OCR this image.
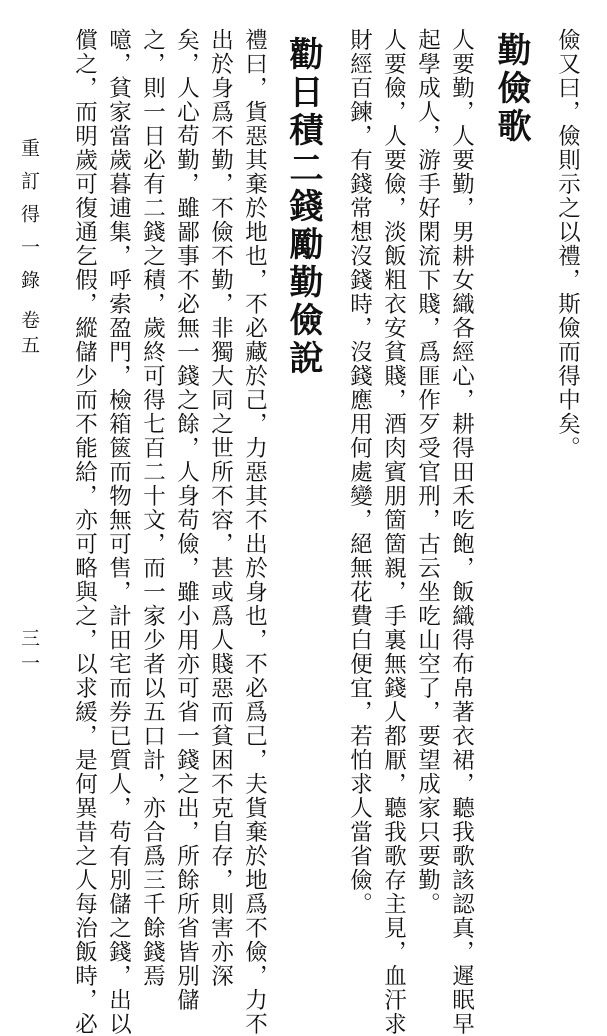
儉又曰，儉則示之以禮，斯儉而得中矣。
勤儉歌
人要勤，人要勤，男耕女織各經心，耕得田禾吃飽，飯織得布帛著衣裙，聽我歌該認真，遲眠早
起學成人，游手好閑流下賤，爲匪作歹受官刑，古云坐吃山空了，要望成家只要勤。
人要儉，人要儉，淡飯粗衣安貧賤，酒肉賓朋箇箇親，手裏無錢人都厭，聽我歌存主見，血汗求
財經百鍊，有錢常想沒錢時，沒錢應用何處變，絕無花費白便宜，若怕求人當省儉。
勸日積二錢勵勤儉說
禮曰，貨惡其棄於地也，不必藏於己，力惡其不出於身也，不必爲己，夫貨棄於地爲不儉，力不
出於身爲不勤，不儉不勤，非獨大同之世所不容，甚或爲人賤惡而貧困不克自存，則害亦深
矣，人心苟勤，雖鄙事不必無一錢之餘，人身苟儉，雖小用亦可省一錢之出，所餘所省皆別儲
之，則一日必有二錢之積，歲終可得七百二十文，而一家少者以五口計，亦合爲三千餘錢焉
噫，貧家當歲暮逋集，呼索盈門，檢箱篋而物無可售，計田宅而券已質人，苟有別儲之錢，出以
償之，而明歲可復通乞假，縱儲少而不能給，亦可略與之，以求緩，是何異昔之人每治飯時，必
重訂得一錄
卷五
三一
